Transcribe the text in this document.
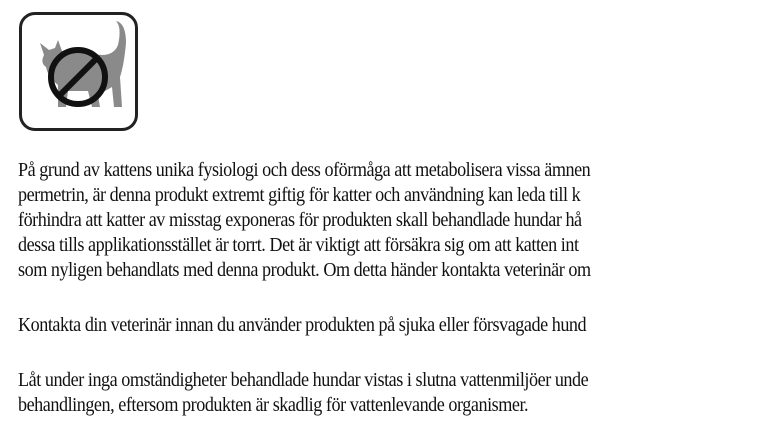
På grund av kattens unika fysiologi och dess oförmåga att metabolisera vissa ämnen
permetrin, är denna produkt extremt giftig för katter och användning kan leda till k
förhindra att katter av misstag exponeras för produkten skall behandlade hundar hå
dessa tills applikationsstället är torrt. Det är viktigt att försäkra sig om att katten int
som nyligen behandlats med denna produkt. Om detta händer kontakta veterinär om
Kontakta din veterinär innan du använder produkten på sjuka eller försvagade hund
Låt under inga omständigheter behandlade hundar vistas i slutna vattenmiljöer unde
behandlingen, eftersom produkten är skadlig för vattenlevande organismer.
